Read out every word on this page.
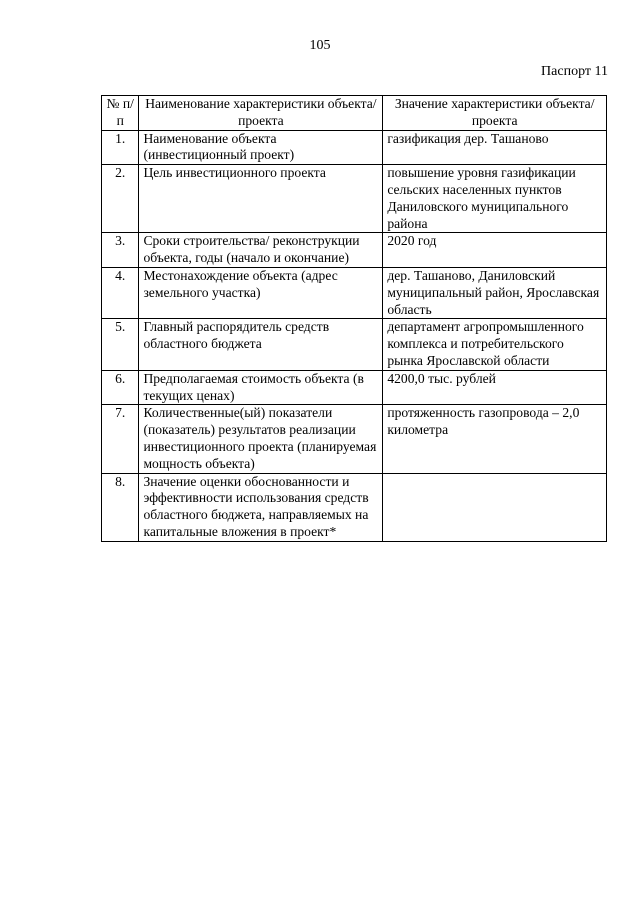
105
Паспорт 11
№ п/п	Наименование характеристики объекта/проекта	Значение характеристики объекта/проекта
1.	Наименование объекта (инвестиционный проект)	газификация дер. Ташаново
2.	Цель инвестиционного проекта	повышение уровня газификации сельских населенных пунктов Даниловского муниципального района
3.	Сроки строительства/ реконструкции объекта, годы (начало и окончание)	2020 год
4.	Местонахождение объекта (адрес земельного участка)	дер. Ташаново, Даниловский муниципальный район, Ярославская область
5.	Главный распорядитель средств областного бюджета	департамент агропромышленного комплекса и потребительского рынка Ярославской области
6.	Предполагаемая стоимость объекта (в текущих ценах)	4200,0 тыс. рублей
7.	Количественные(ый) показатели (показатель) результатов реализации инвестиционного проекта (планируемая мощность объекта)	протяженность газопровода – 2,0 километра
8.	Значение оценки обоснованности и эффективности использования средств областного бюджета, направляемых на капитальные вложения в проект*	
